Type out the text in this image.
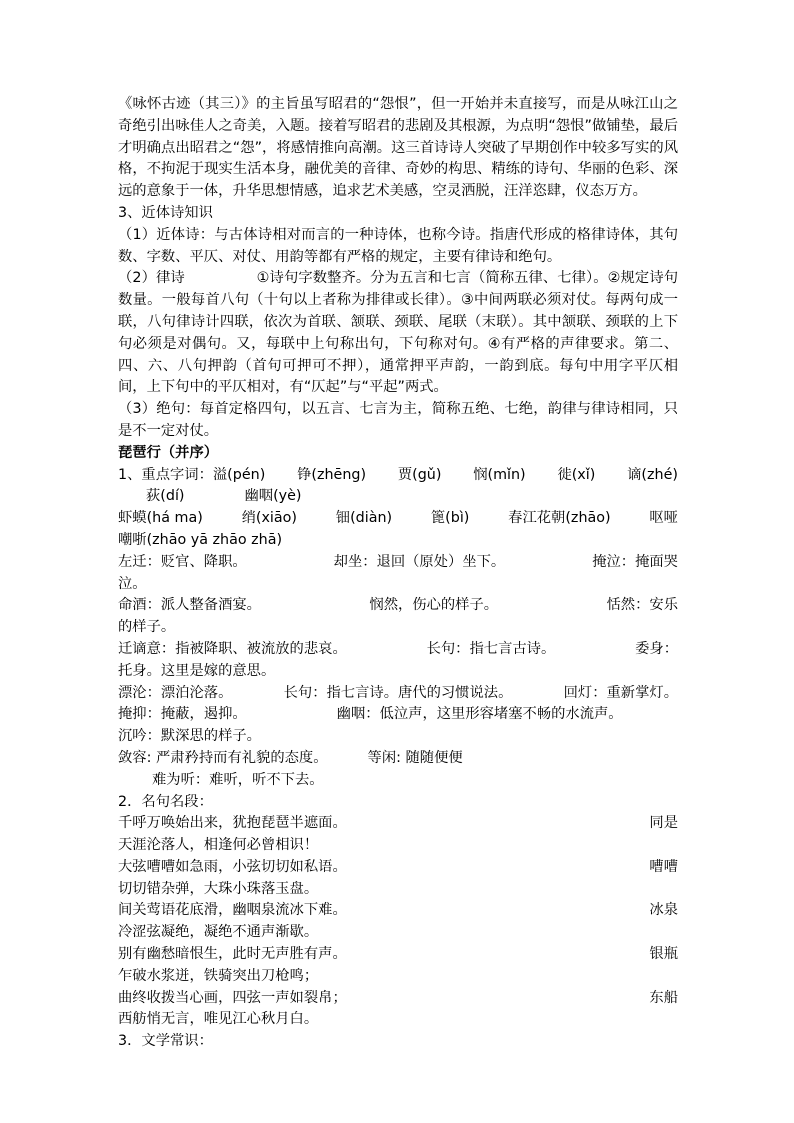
《咏怀古迹（其三）》的主旨虽写昭君的“怨恨”，但一开始并未直接写，而是从咏江山之奇绝引出咏佳人之奇美，入题。接着写昭君的悲剧及其根源，为点明“怨恨”做铺垫，最后才明确点出昭君之“怨”，将感情推向高潮。这三首诗诗人突破了早期创作中较多写实的风格，不拘泥于现实生活本身，融优美的音律、奇妙的构思、精练的诗句、华丽的色彩、深远的意象于一体，升华思想情感，追求艺术美感，空灵洒脱，汪洋恣肆，仪态万方。

3、近体诗知识

（1）近体诗：与古体诗相对而言的一种诗体，也称今诗。指唐代形成的格律诗体，其句数、字数、平仄、对仗、用韵等都有严格的规定，主要有律诗和绝句。

（2）律诗　　　　　①诗句字数整齐。分为五言和七言（简称五律、七律）。②规定诗句数量。一般每首八句（十句以上者称为排律或长律）。③中间两联必须对仗。每两句成一联，八句律诗计四联，依次为首联、颔联、颈联、尾联（末联）。其中颔联、颈联的上下句必须是对偶句。又，每联中上句称出句，下句称对句。④有严格的声律要求。第二、四、六、八句押韵（首句可押可不押），通常押平声韵，一韵到底。每句中用字平仄相间，上下句中的平仄相对，有“仄起”与“平起”两式。

（3）绝句：每首定格四句，以五言、七言为主，简称五绝、七绝，韵律与律诗相同，只是不一定对仗。

琵琶行（并序）

1、重点字词：溢(pén) 铮(zhēng) 贾(gǔ) 悯(mǐn) 徙(xǐ) 谪(zhé)
荻(dí)	幽咽(yè)
虾蟆(há ma)	绡(xiāo)	钿(diàn)	篦(bì)	春江花朝(zhāo)	呕哑
嘲哳(zhāo yā zhāo zhā)
左迁：贬官、降职。	却坐：退回（原处）坐下。	掩泣：掩面哭
泣。
命酒：派人整备酒宴。	悯然，伤心的样子。	恬然：安乐
的样子。
迁谪意：指被降职、被流放的悲哀。	长句：指七言古诗。	委身：
托身。这里是嫁的意思。
漂沦：漂泊沦落。	长句：指七言诗。唐代的习惯说法。	回灯：重新掌灯。
掩抑：掩蔽，遏抑。	幽咽：低泣声，这里形容堵塞不畅的水流声。
沉吟：默深思的样子。
敛容: 严肃矜持而有礼貌的态度。	等闲: 随随便便
难为听：难听，听不下去。
2．名句名段：
千呼万唤始出来，犹抱琵琶半遮面。	同是
天涯沦落人，相逢何必曾相识！
大弦嘈嘈如急雨，小弦切切如私语。	嘈嘈
切切错杂弹，大珠小珠落玉盘。
间关莺语花底滑，幽咽泉流冰下难。	冰泉
冷涩弦凝绝，凝绝不通声渐歇。
别有幽愁暗恨生，此时无声胜有声。	银瓶
乍破水浆迸，铁骑突出刀枪鸣；
曲终收拨当心画，四弦一声如裂帛；	东船
西舫悄无言，唯见江心秋月白。
3．文学常识：
